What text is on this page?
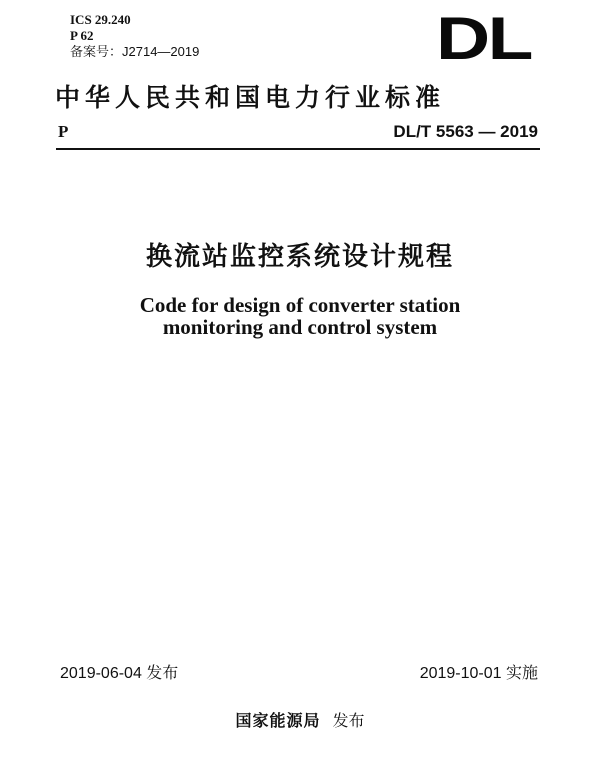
ICS 29.240
P 62
备案号：J2714—2019	DL
中华人民共和国电力行业标准
P	DL/T 5563 — 2019
换流站监控系统设计规程
Code for design of converter station
monitoring and control system
2019-06-04 发布	2019-10-01 实施
国家能源局 发布
